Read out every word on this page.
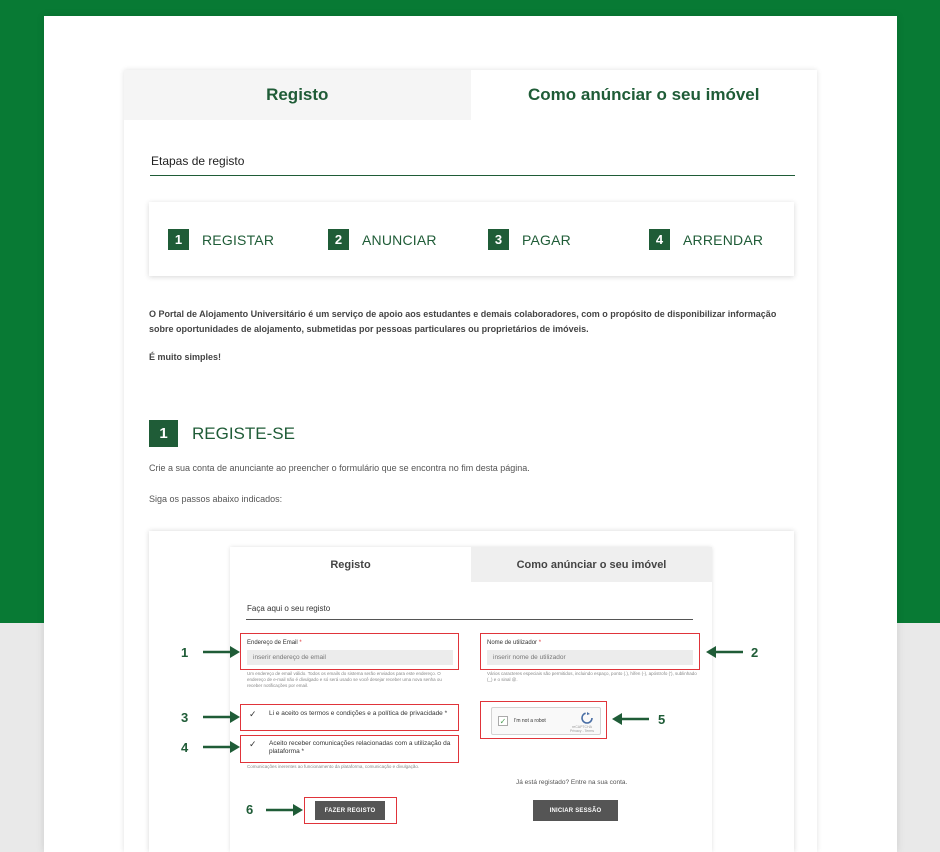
Registo	Como anúnciar o seu imóvel
Etapas de registo
1	REGISTAR	2	ANUNCIAR	3	PAGAR	4	ARRENDAR
O Portal de Alojamento Universitário é um serviço de apoio aos estudantes e demais colaboradores, com o propósito de disponibilizar informação sobre oportunidades de alojamento, submetidas por pessoas particulares ou proprietários de imóveis.
É muito simples!
1	REGISTE-SE
Crie a sua conta de anunciante ao preencher o formulário que se encontra no fim desta página.
Siga os passos abaixo indicados:
Registo	Como anúnciar o seu imóvel
Faça aqui o seu registo
Endereço de Email *
inserir endereço de email
Um endereço de email válido. Todos os emails do sistema serão enviados para este endereço. O endereço de e-mail não é divulgado e só será usado se você desejar receber uma nova senha ou receber notificações por email.
Nome de utilizador *
inserir nome de utilizador
Vários caracteres especiais são permitidos, incluindo espaço, ponto (.), hífen (-), apóstrofo ('), sublinhado (_) e o sinal @.
✓	Li e aceito os termos e condições e a política de privacidade *
✓	Aceito receber comunicações relacionadas com a utilização da plataforma *
Comunicações inerentes ao funcionamento da plataforma, comunicação e divulgação.
✓	I'm not a robot
reCAPTCHA
Privacy - Terms
Já está registado? Entre na sua conta.
FAZER REGISTO	INICIAR SESSÃO
1	2
3
4
5
6
